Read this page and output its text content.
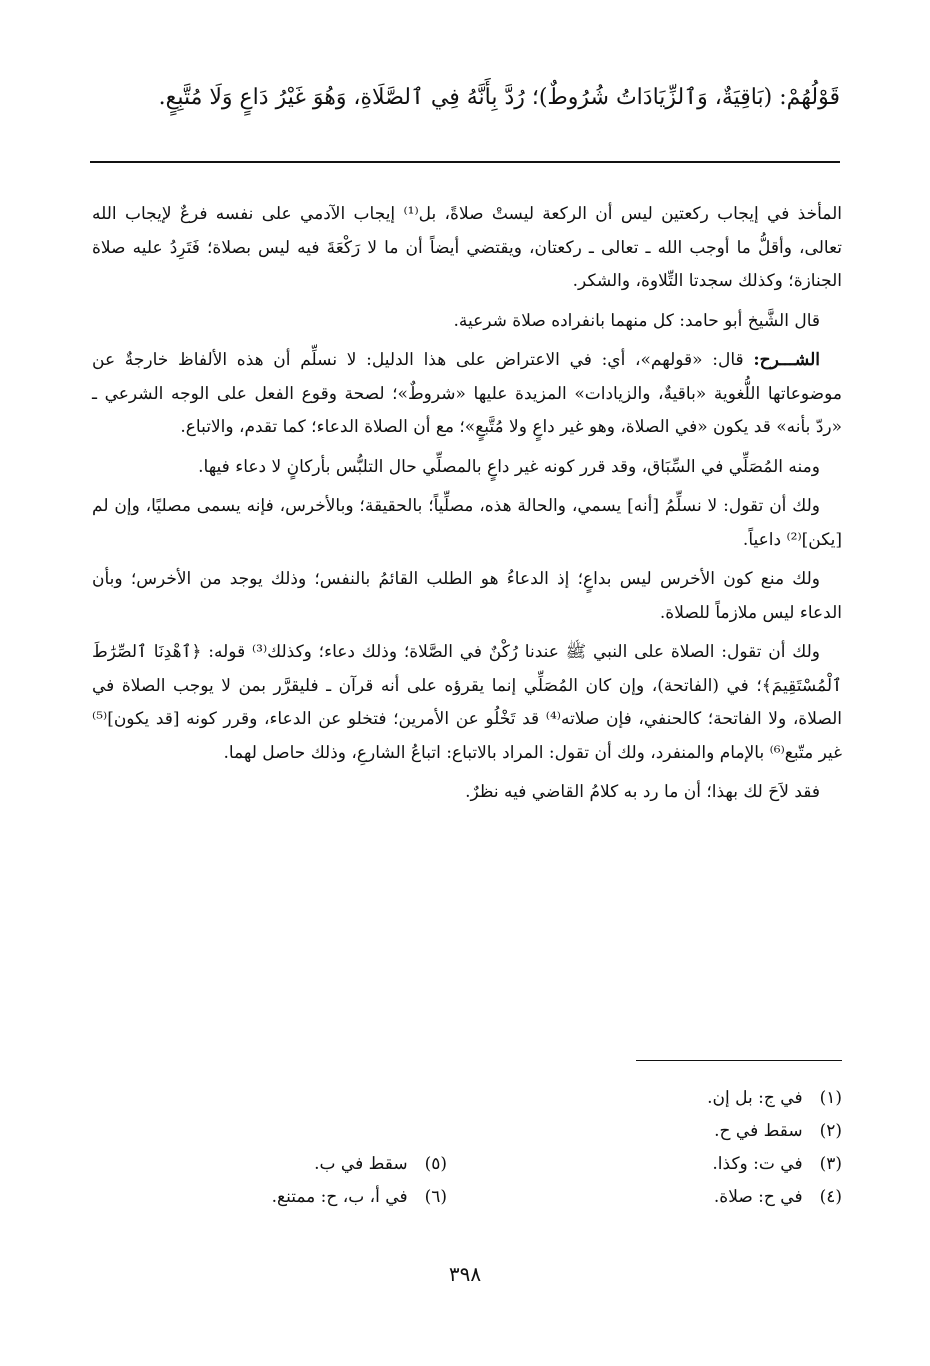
قَوْلُهُمْ: (بَاقِيَةٌ، وَٱلزِّيَادَاتُ شُرُوطٌ)؛ رُدَّ بِأَنَّهُ فِي ٱلصَّلَاةِ، وَهُوَ غَيْرُ دَاعٍ وَلَا مُتَّبِعٍ.

المأخذ في إيجاب ركعتين ليس أن الركعة ليستْ صلاةً، بل⁽¹⁾ إيجاب الآدمي على نفسه فرعٌ لإيجاب الله تعالى، وأقلُّ ما أوجب الله ـ تعالى ـ ركعتان، ويقتضي أيضاً أن ما لا رَكْعَةَ فيه ليس بصلاة؛ فَتَرِدُ عليه صلاة الجنازة؛ وكذلك سجدتا التِّلاوة، والشكر.

قال الشَّيخ أبو حامد: كل منهما بانفراده صلاة شرعية.

الشـــرح: قال: «قولهم»، أي: في الاعتراض على هذا الدليل: لا نسلِّم أن هذه الألفاظ خارجةٌ عن موضوعاتها اللُّغوية «باقيةٌ، والزيادات» المزيدة عليها «شروطٌ»؛ لصحة وقوع الفعل على الوجه الشرعي ـ «ردّ بأنه» قد يكون «في الصلاة، وهو غير داعٍ ولا مُتَّبعٍ»؛ مع أن الصلاة الدعاء؛ كما تقدم، والاتباع.

ومنه المُصَلِّي في السِّبَاق، وقد قرر كونه غير داعٍ بالمصلِّي حال التلبُّس بأركانٍ لا دعاء فيها.

ولك أن تقول: لا نسلِّمُ [أنه] يسمي، والحالة هذه، مصلِّياً؛ بالحقيقة؛ وبالأخرس، فإنه يسمى مصليًا، وإن لم [يكن]⁽²⁾ داعياً.

ولك منع كون الأخرس ليس بداعٍ؛ إذ الدعاءُ هو الطلب القائمُ بالنفس؛ وذلك يوجد من الأخرس؛ وبأن الدعاء ليس ملازماً للصلاة.

ولك أن تقول: الصلاة على النبي ﷺ عندنا رُكْنٌ في الصَّلاة؛ وذلك دعاء؛ وكذلك⁽³⁾ قوله: ﴿ٱهْدِنَا ٱلصِّرَٰطَ ٱلْمُسْتَقِيمَ﴾؛ في (الفاتحة)، وإن كان المُصَلِّي إنما يقرؤه على أنه قرآن ـ فليقرَّر بمن لا يوجب الصلاة في الصلاة، ولا الفاتحة؛ كالحنفي، فإن صلاته⁽⁴⁾ قد تَخْلُو عن الأمرين؛ فتخلو عن الدعاء، وقرر كونه [قد يكون]⁽⁵⁾ غير متّبع⁽⁶⁾ بالإمام والمنفرد، ولك أن تقول: المراد بالاتباع: اتباعُ الشارعِ، وذلك حاصل لهما.

فقد لاَحَ لك بهذا؛ أن ما رد به كلامُ القاضي فيه نظرٌ.

(١) في ج: بل إن.
(٢) سقط في ح.
(٣) في ت: وكذا.
(٤) في ح: صلاة.
(٥) سقط في ب.
(٦) في أ، ب، ح: ممتنع.
٣٩٨
